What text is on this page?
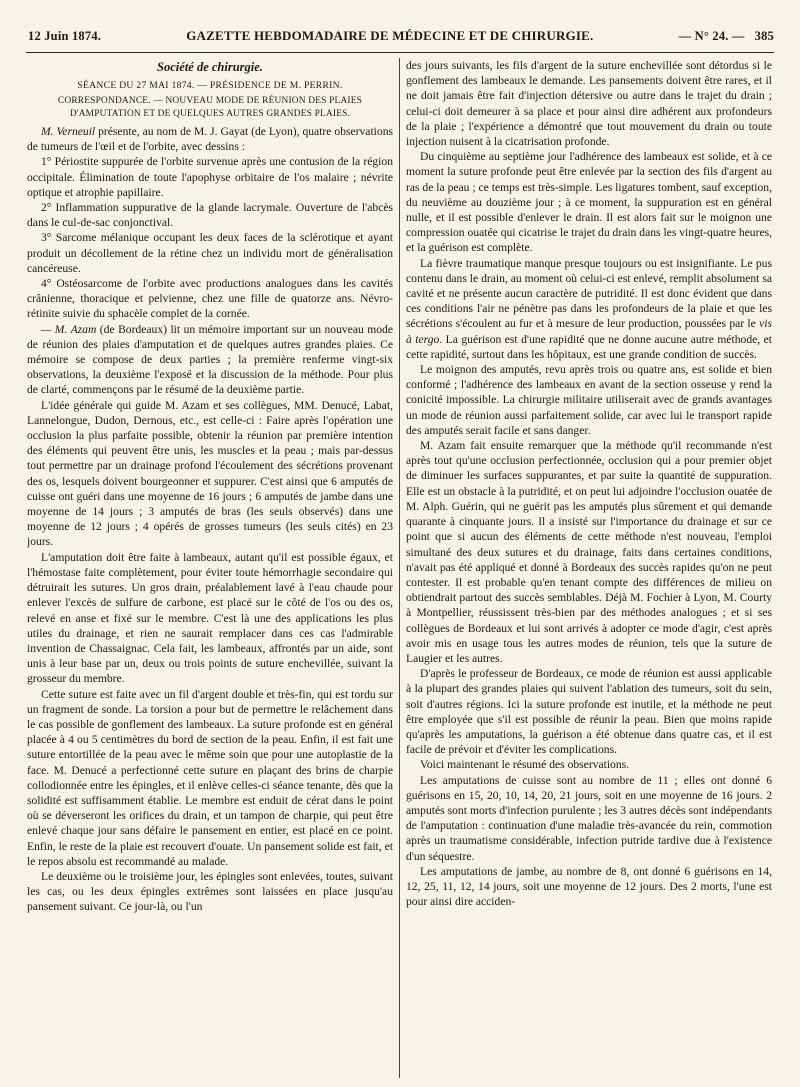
12 Juin 1874.	GAZETTE HEBDOMADAIRE DE MÉDECINE ET DE CHIRURGIE.	— N° 24. — 385
Société de chirurgie.
SÉANCE DU 27 MAI 1874. — PRÉSIDENCE DE M. PERRIN.
CORRESPONDANCE. — NOUVEAU MODE DE RÉUNION DES PLAIES D'AMPUTATION ET DE QUELQUES AUTRES GRANDES PLAIES.

M. Verneuil présente, au nom de M. J. Gayat (de Lyon), quatre observations de tumeurs de l'œil et de l'orbite, avec dessins :

1° Périostite suppurée de l'orbite survenue après une contusion de la région occipitale. Élimination de toute l'apophyse orbitaire de l'os malaire ; névrite optique et atrophie papillaire.

2° Inflammation suppurative de la glande lacrymale. Ouverture de l'abcès dans le cul-de-sac conjonctival.

3° Sarcome mélanique occupant les deux faces de la sclérotique et ayant produit un décollement de la rétine chez un individu mort de généralisation cancéreuse.

4° Ostéosarcome de l'orbite avec productions analogues dans les cavités crânienne, thoracique et pelvienne, chez une fille de quatorze ans. Névro-rétinite suivie du sphacèle complet de la cornée.

— M. Azam (de Bordeaux) lit un mémoire important sur un nouveau mode de réunion des plaies d'amputation et de quelques autres grandes plaies. Ce mémoire se compose de deux parties ; la première renferme vingt-six observations, la deuxième l'exposé et la discussion de la méthode. Pour plus de clarté, commençons par le résumé de la deuxième partie.

L'idée générale qui guide M. Azam et ses collègues, MM. Denucé, Labat, Lannelongue, Dudon, Dernous, etc., est celle-ci : Faire après l'opération une occlusion la plus parfaite possible, obtenir la réunion par première intention des éléments qui peuvent être unis, les muscles et la peau ; mais par-dessus tout permettre par un drainage profond l'écoulement des sécrétions provenant des os, lesquels doivent bourgeonner et suppurer. C'est ainsi que 6 amputés de cuisse ont guéri dans une moyenne de 16 jours ; 6 amputés de jambe dans une moyenne de 14 jours ; 3 amputés de bras (les seuls observés) dans une moyenne de 12 jours ; 4 opérés de grosses tumeurs (les seuls cités) en 23 jours.

L'amputation doit être faite à lambeaux, autant qu'il est possible égaux, et l'hémostase faite complètement, pour éviter toute hémorrhagie secondaire qui détruirait les sutures. Un gros drain, préalablement lavé à l'eau chaude pour enlever l'excès de sulfure de carbone, est placé sur le côté de l'os ou des os, relevé en anse et fixé sur le membre. C'est là une des applications les plus utiles du drainage, et rien ne saurait remplacer dans ces cas l'admirable invention de Chassaignac. Cela fait, les lambeaux, affrontés par un aide, sont unis à leur base par un, deux ou trois points de suture enchevillée, suivant la grosseur du membre.

Cette suture est faite avec un fil d'argent double et très-fin, qui est tordu sur un fragment de sonde. La torsion a pour but de permettre le relâchement dans le cas possible de gonflement des lambeaux. La suture profonde est en général placée à 4 ou 5 centimètres du bord de section de la peau. Enfin, il est fait une suture entortillée de la peau avec le même soin que pour une autoplastie de la face. M. Denucé a perfectionné cette suture en plaçant des brins de charpie collodionnée entre les épingles, et il enlève celles-ci séance tenante, dès que la solidité est suffisamment établie. Le membre est enduit de cérat dans le point où se déverseront les orifices du drain, et un tampon de charpie, qui peut être enlevé chaque jour sans défaire le pansement en entier, est placé en ce point. Enfin, le reste de la plaie est recouvert d'ouate. Un pansement solide est fait, et le repos absolu est recommandé au malade.

Le deuxième ou le troisième jour, les épingles sont enlevées, toutes, suivant les cas, ou les deux épingles extrêmes sont laissées en place jusqu'au pansement suivant. Ce jour-là, ou l'un

des jours suivants, les fils d'argent de la suture enchevillée sont détordus si le gonflement des lambeaux le demande. Les pansements doivent être rares, et il ne doit jamais être fait d'injection détersive ou autre dans le trajet du drain ; celui-ci doit demeurer à sa place et pour ainsi dire adhérent aux profondeurs de la plaie ; l'expérience a démontré que tout mouvement du drain ou toute injection nuisent à la cicatrisation profonde.

Du cinquième au septième jour l'adhérence des lambeaux est solide, et à ce moment la suture profonde peut être enlevée par la section des fils d'argent au ras de la peau ; ce temps est très-simple. Les ligatures tombent, sauf exception, du neuvième au douzième jour ; à ce moment, la suppuration est en général nulle, et il est possible d'enlever le drain. Il est alors fait sur le moignon une compression ouatée qui cicatrise le trajet du drain dans les vingt-quatre heures, et la guérison est complète.

La fièvre traumatique manque presque toujours ou est insignifiante. Le pus contenu dans le drain, au moment où celui-ci est enlevé, remplit absolument sa cavité et ne présente aucun caractère de putridité. Il est donc évident que dans ces conditions l'air ne pénètre pas dans les profondeurs de la plaie et que les sécrétions s'écoulent au fur et à mesure de leur production, poussées par le vis à tergo. La guérison est d'une rapidité que ne donne aucune autre méthode, et cette rapidité, surtout dans les hôpitaux, est une grande condition de succès.

Le moignon des amputés, revu après trois ou quatre ans, est solide et bien conformé ; l'adhérence des lambeaux en avant de la section osseuse y rend la conicité impossible. La chirurgie militaire utiliserait avec de grands avantages un mode de réunion aussi parfaitement solide, car avec lui le transport rapide des amputés serait facile et sans danger.

M. Azam fait ensuite remarquer que la méthode qu'il recommande n'est après tout qu'une occlusion perfectionnée, occlusion qui a pour premier objet de diminuer les surfaces suppurantes, et par suite la quantité de suppuration. Elle est un obstacle à la putridité, et on peut lui adjoindre l'occlusion ouatée de M. Alph. Guérin, qui ne guérit pas les amputés plus sûrement et qui demande quarante à cinquante jours. Il a insisté sur l'importance du drainage et sur ce point que si aucun des éléments de cette méthode n'est nouveau, l'emploi simultané des deux sutures et du drainage, faits dans certaines conditions, n'avait pas été appliqué et donné à Bordeaux des succès rapides qu'on ne peut contester. Il est probable qu'en tenant compte des différences de milieu on obtiendrait partout des succès semblables. Déjà M. Fochier à Lyon, M. Courty à Montpellier, réussissent très-bien par des méthodes analogues ; et si ses collègues de Bordeaux et lui sont arrivés à adopter ce mode d'agir, c'est après avoir mis en usage tous les autres modes de réunion, tels que la suture de Laugier et les autres.

D'après le professeur de Bordeaux, ce mode de réunion est aussi applicable à la plupart des grandes plaies qui suivent l'ablation des tumeurs, soit du sein, soit d'autres régions. Ici la suture profonde est inutile, et la méthode ne peut être employée que s'il est possible de réunir la peau. Bien que moins rapide qu'après les amputations, la guérison a été obtenue dans quatre cas, et il est facile de prévoir et d'éviter les complications.

Voici maintenant le résumé des observations.

Les amputations de cuisse sont au nombre de 11 ; elles ont donné 6 guérisons en 15, 20, 10, 14, 20, 21 jours, soit en une moyenne de 16 jours. 2 amputés sont morts d'infection purulente ; les 3 autres décès sont indépendants de l'amputation : continuation d'une maladie très-avancée du rein, commotion après un traumatisme considérable, infection putride tardive due à l'existence d'un séquestre.

Les amputations de jambe, au nombre de 8, ont donné 6 guérisons en 14, 12, 25, 11, 12, 14 jours, soit une moyenne de 12 jours. Des 2 morts, l'une est pour ainsi dire acciden-
